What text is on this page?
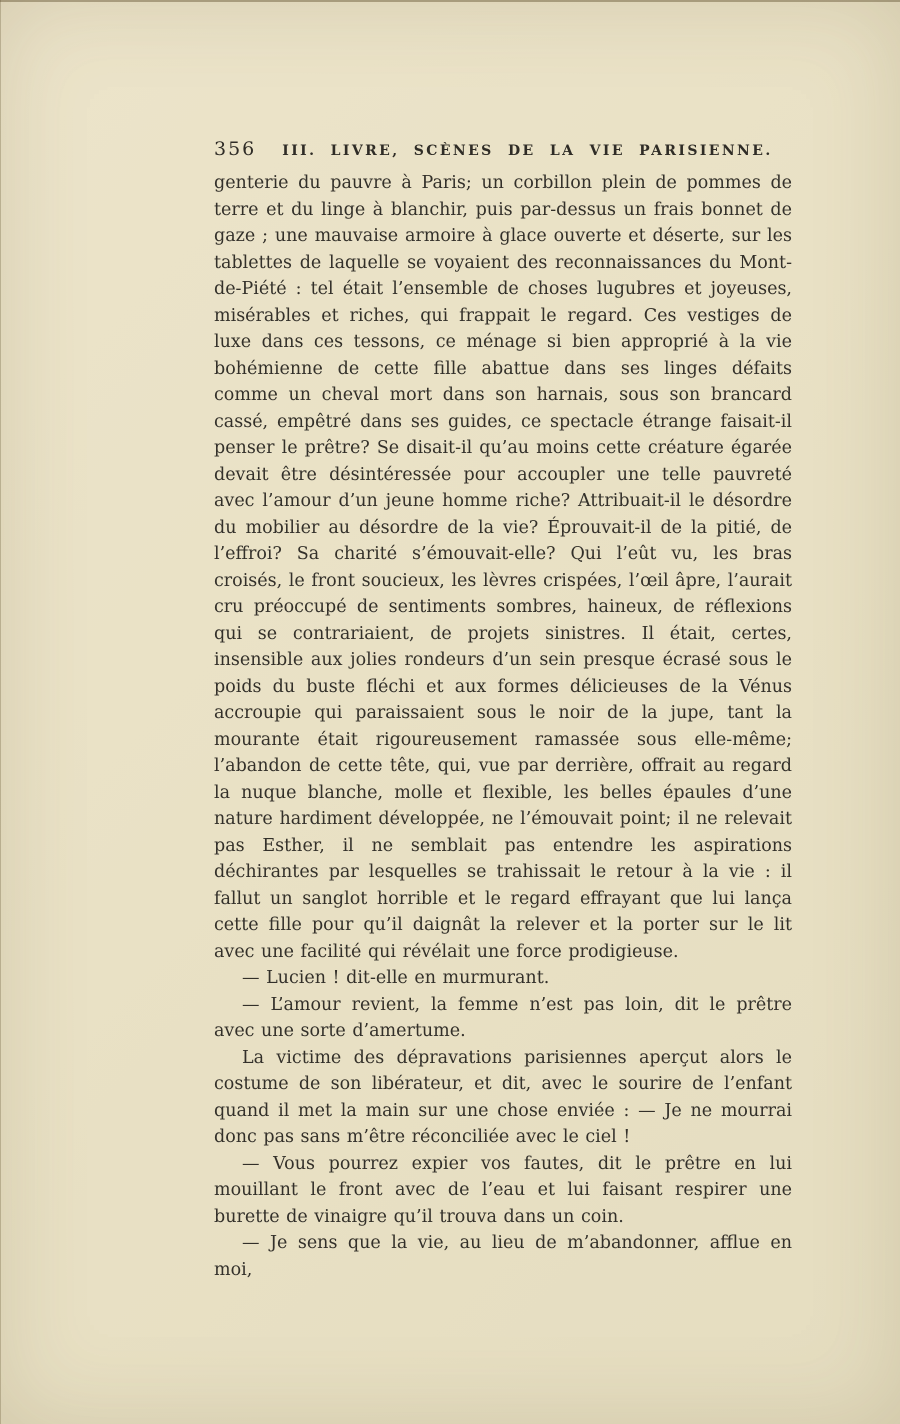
356 III. LIVRE, SCÈNES DE LA VIE PARISIENNE.

genterie du pauvre à Paris; un corbillon plein de pommes de terre et du linge à blanchir, puis par-dessus un frais bonnet de gaze ; une mauvaise armoire à glace ouverte et déserte, sur les tablettes de laquelle se voyaient des reconnaissances du Mont-de-Piété : tel était l’ensemble de choses lugubres et joyeuses, misérables et riches, qui frappait le regard. Ces vestiges de luxe dans ces tessons, ce ménage si bien approprié à la vie bohémienne de cette fille abattue dans ses linges défaits comme un cheval mort dans son harnais, sous son brancard cassé, empêtré dans ses guides, ce spectacle étrange faisait-il penser le prêtre? Se disait-il qu’au moins cette créature égarée devait être désintéressée pour accoupler une telle pauvreté avec l’amour d’un jeune homme riche? Attribuait-il le désordre du mobilier au désordre de la vie? Éprouvait-il de la pitié, de l’effroi? Sa charité s’émouvait-elle? Qui l’eût vu, les bras croisés, le front soucieux, les lèvres crispées, l’œil âpre, l’aurait cru préoccupé de sentiments sombres, haineux, de réflexions qui se contrariaient, de projets sinistres. Il était, certes, insensible aux jolies rondeurs d’un sein presque écrasé sous le poids du buste fléchi et aux formes délicieuses de la Vénus accroupie qui paraissaient sous le noir de la jupe, tant la mourante était rigoureusement ramassée sous elle-même; l’abandon de cette tête, qui, vue par derrière, offrait au regard la nuque blanche, molle et flexible, les belles épaules d’une nature hardiment développée, ne l’émouvait point; il ne relevait pas Esther, il ne semblait pas entendre les aspirations déchirantes par lesquelles se trahissait le retour à la vie : il fallut un sanglot horrible et le regard effrayant que lui lança cette fille pour qu’il daignât la relever et la porter sur le lit avec une facilité qui révélait une force prodigieuse.

— Lucien ! dit-elle en murmurant.

— L’amour revient, la femme n’est pas loin, dit le prêtre avec une sorte d’amertume.

La victime des dépravations parisiennes aperçut alors le costume de son libérateur, et dit, avec le sourire de l’enfant quand il met la main sur une chose enviée : — Je ne mourrai donc pas sans m’être réconciliée avec le ciel !

— Vous pourrez expier vos fautes, dit le prêtre en lui mouillant le front avec de l’eau et lui faisant respirer une burette de vinaigre qu’il trouva dans un coin.

— Je sens que la vie, au lieu de m’abandonner, afflue en moi,
